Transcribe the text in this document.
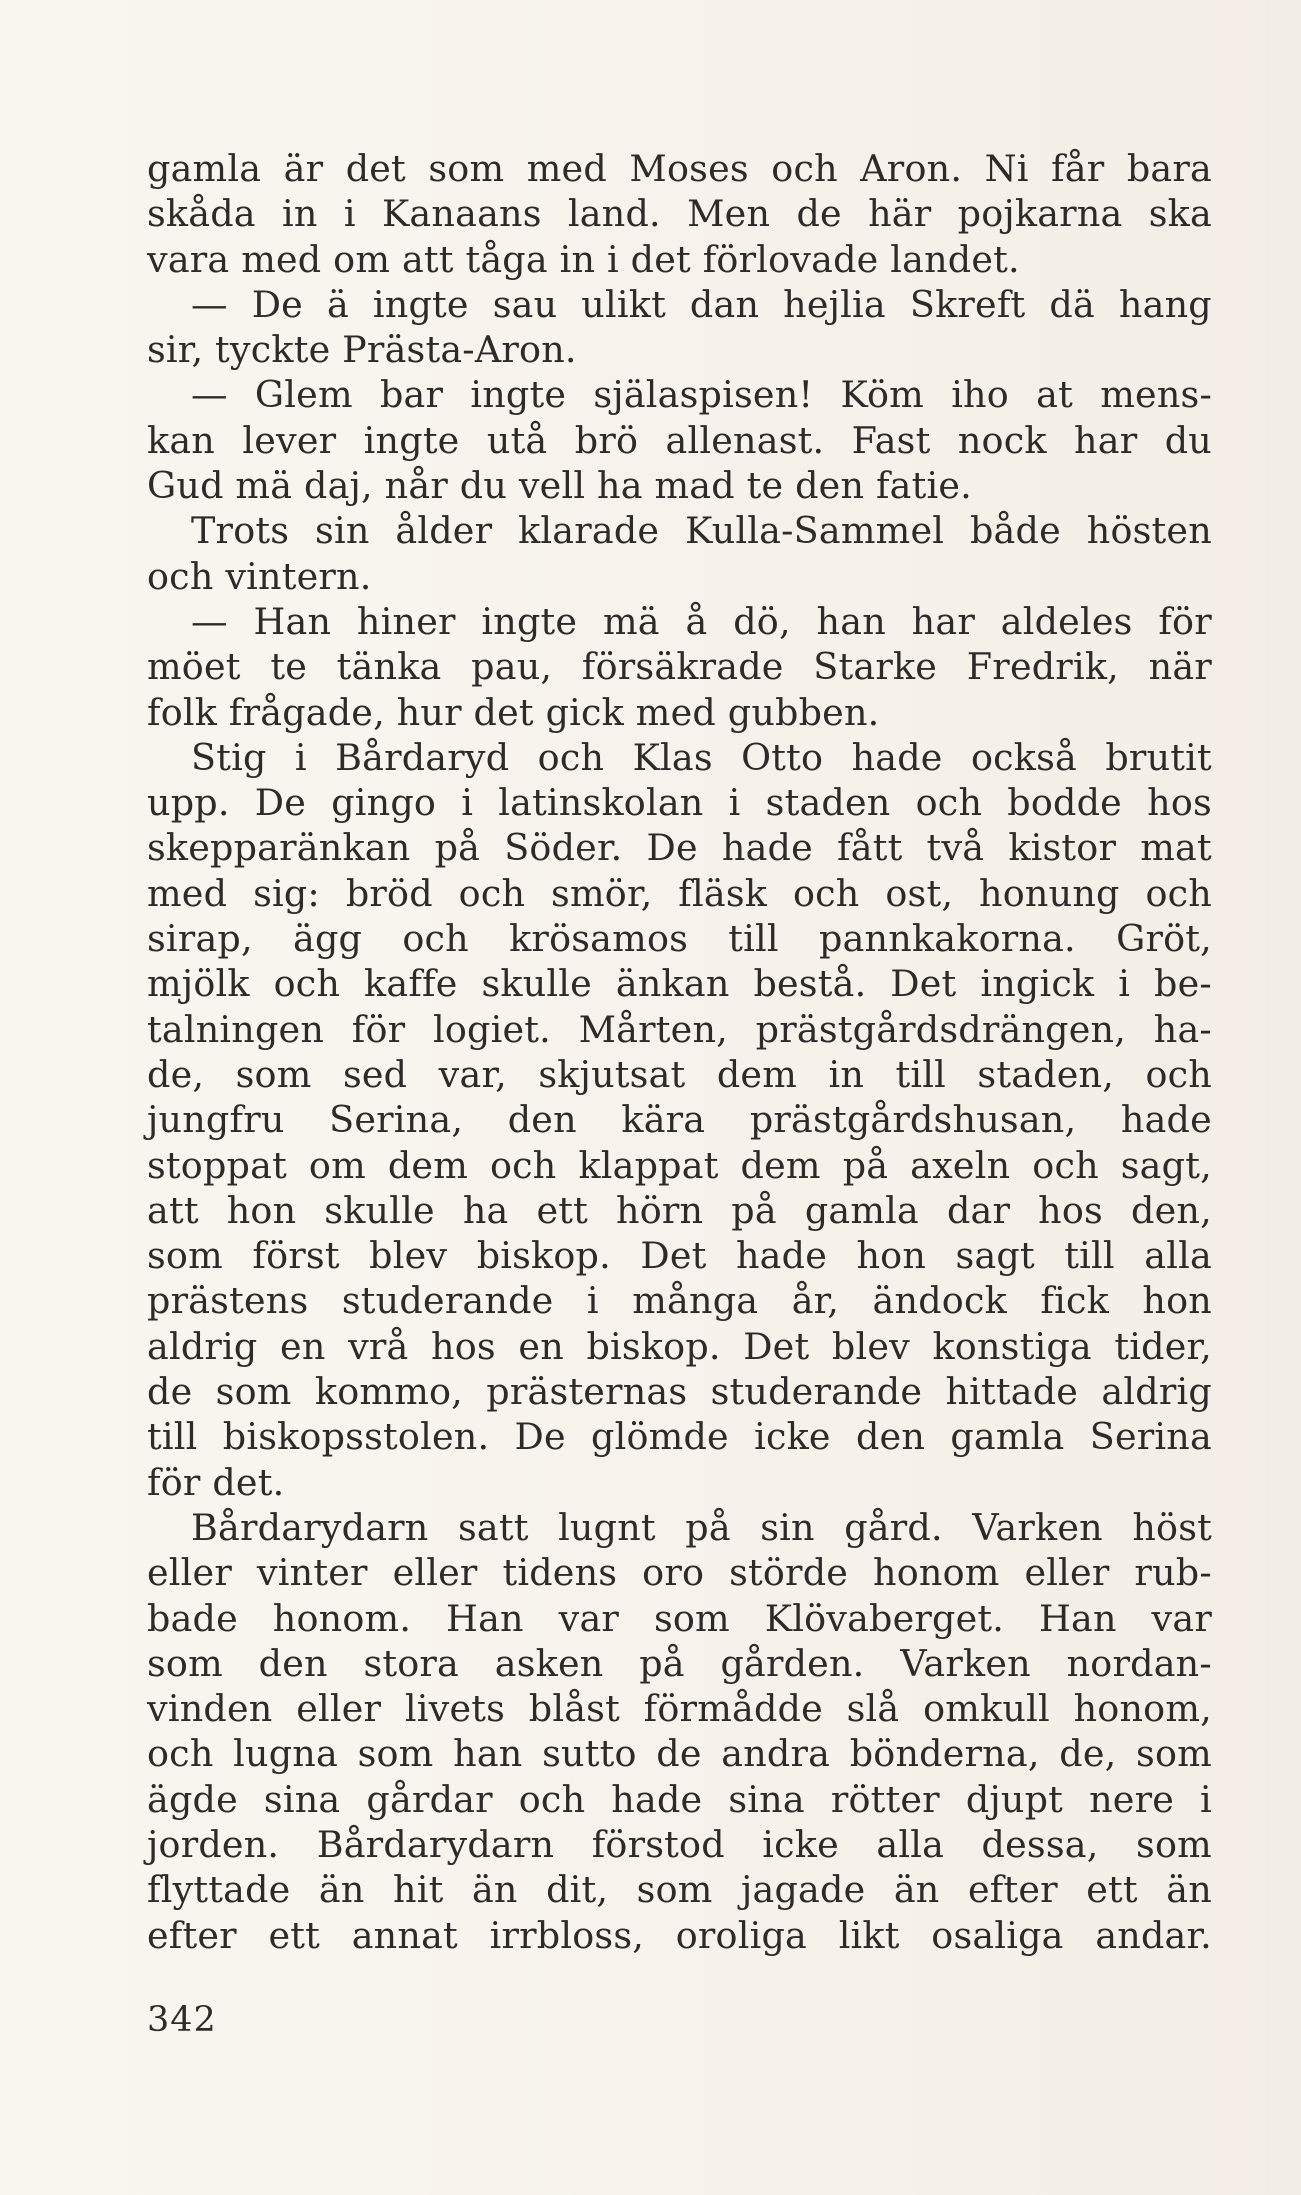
gamla är det som med Moses och Aron. Ni får bara
skåda in i Kanaans land. Men de här pojkarna ska
vara med om att tåga in i det förlovade landet.
— De ä ingte sau ulikt dan hejlia Skreft dä hang
sir, tyckte Prästa-Aron.
— Glem bar ingte själaspisen! Köm iho at mens-
kan lever ingte utå brö allenast. Fast nock har du
Gud mä daj, når du vell ha mad te den fatie.
Trots sin ålder klarade Kulla-Sammel både hösten
och vintern.
— Han hiner ingte mä å dö, han har aldeles för
möet te tänka pau, försäkrade Starke Fredrik, när
folk frågade, hur det gick med gubben.
Stig i Bårdaryd och Klas Otto hade också brutit
upp. De gingo i latinskolan i staden och bodde hos
skepparänkan på Söder. De hade fått två kistor mat
med sig: bröd och smör, fläsk och ost, honung och
sirap, ägg och krösamos till pannkakorna. Gröt,
mjölk och kaffe skulle änkan bestå. Det ingick i be-
talningen för logiet. Mårten, prästgårdsdrängen, ha-
de, som sed var, skjutsat dem in till staden, och
jungfru Serina, den kära prästgårdshusan, hade
stoppat om dem och klappat dem på axeln och sagt,
att hon skulle ha ett hörn på gamla dar hos den,
som först blev biskop. Det hade hon sagt till alla
prästens studerande i många år, ändock fick hon
aldrig en vrå hos en biskop. Det blev konstiga tider,
de som kommo, prästernas studerande hittade aldrig
till biskopsstolen. De glömde icke den gamla Serina
för det.
Bårdarydarn satt lugnt på sin gård. Varken höst
eller vinter eller tidens oro störde honom eller rub-
bade honom. Han var som Klövaberget. Han var
som den stora asken på gården. Varken nordan-
vinden eller livets blåst förmådde slå omkull honom,
och lugna som han sutto de andra bönderna, de, som
ägde sina gårdar och hade sina rötter djupt nere i
jorden. Bårdarydarn förstod icke alla dessa, som
flyttade än hit än dit, som jagade än efter ett än
efter ett annat irrbloss, oroliga likt osaliga andar.
342
